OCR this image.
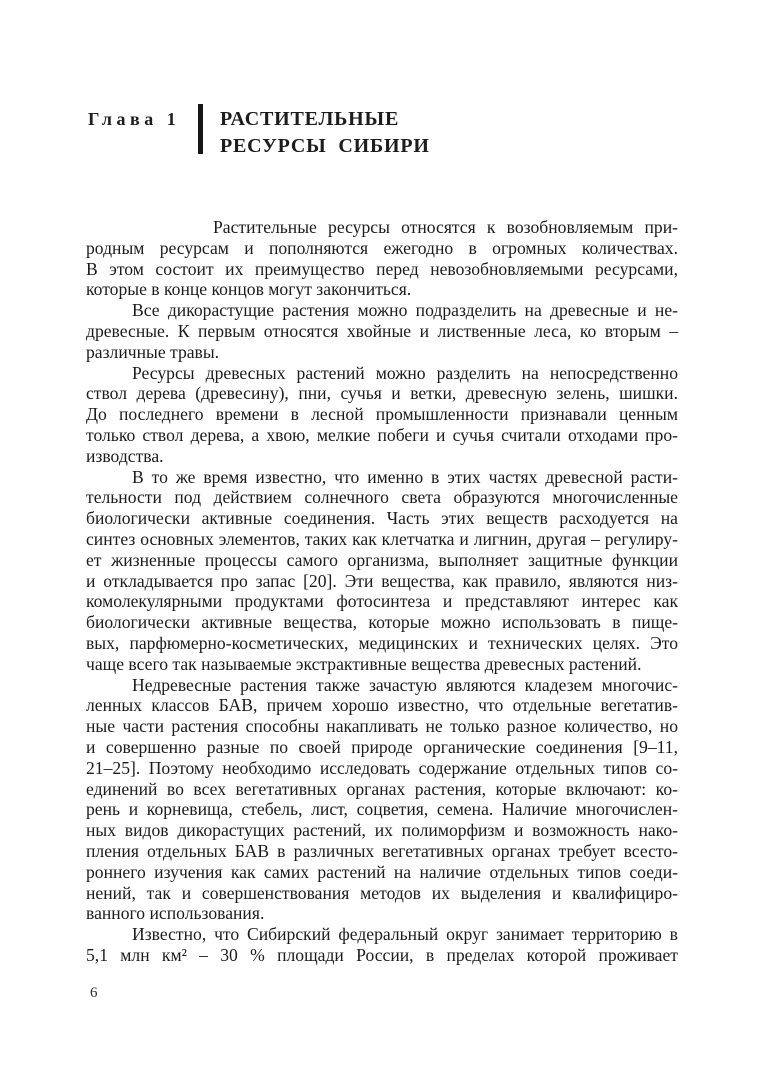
Глава 1	РАСТИТЕЛЬНЫЕ
РЕСУРСЫ СИБИРИ
Растительные ресурсы относятся к возобновляемым при-
родным ресурсам и пополняются ежегодно в огромных количествах.
В этом состоит их преимущество перед невозобновляемыми ресурсами,
которые в конце концов могут закончиться.
Все дикорастущие растения можно подразделить на древесные и не-
древесные. К первым относятся хвойные и лиственные леса, ко вторым –
различные травы.
Ресурсы древесных растений можно разделить на непосредственно
ствол дерева (древесину), пни, сучья и ветки, древесную зелень, шишки.
До последнего времени в лесной промышленности признавали ценным
только ствол дерева, а хвою, мелкие побеги и сучья считали отходами про-
изводства.
В то же время известно, что именно в этих частях древесной расти-
тельности под действием солнечного света образуются многочисленные
биологически активные соединения. Часть этих веществ расходуется на
синтез основных элементов, таких как клетчатка и лигнин, другая – регулиру-
ет жизненные процессы самого организма, выполняет защитные функции
и откладывается про запас [20]. Эти вещества, как правило, являются низ-
комолекулярными продуктами фотосинтеза и представляют интерес как
биологически активные вещества, которые можно использовать в пище-
вых, парфюмерно-косметических, медицинских и технических целях. Это
чаще всего так называемые экстрактивные вещества древесных растений.
Недревесные растения также зачастую являются кладезем многочис-
ленных классов БАВ, причем хорошо известно, что отдельные вегетатив-
ные части растения способны накапливать не только разное количество, но
и совершенно разные по своей природе органические соединения [9–11,
21–25]. Поэтому необходимо исследовать содержание отдельных типов со-
единений во всех вегетативных органах растения, которые включают: ко-
рень и корневища, стебель, лист, соцветия, семена. Наличие многочислен-
ных видов дикорастущих растений, их полиморфизм и возможность нако-
пления отдельных БАВ в различных вегетативных органах требует всесто-
роннего изучения как самих растений на наличие отдельных типов соеди-
нений, так и совершенствования методов их выделения и квалифициро-
ванного использования.
Известно, что Сибирский федеральный округ занимает территорию в
5,1 млн км² – 30 % площади России, в пределах которой проживает
6
